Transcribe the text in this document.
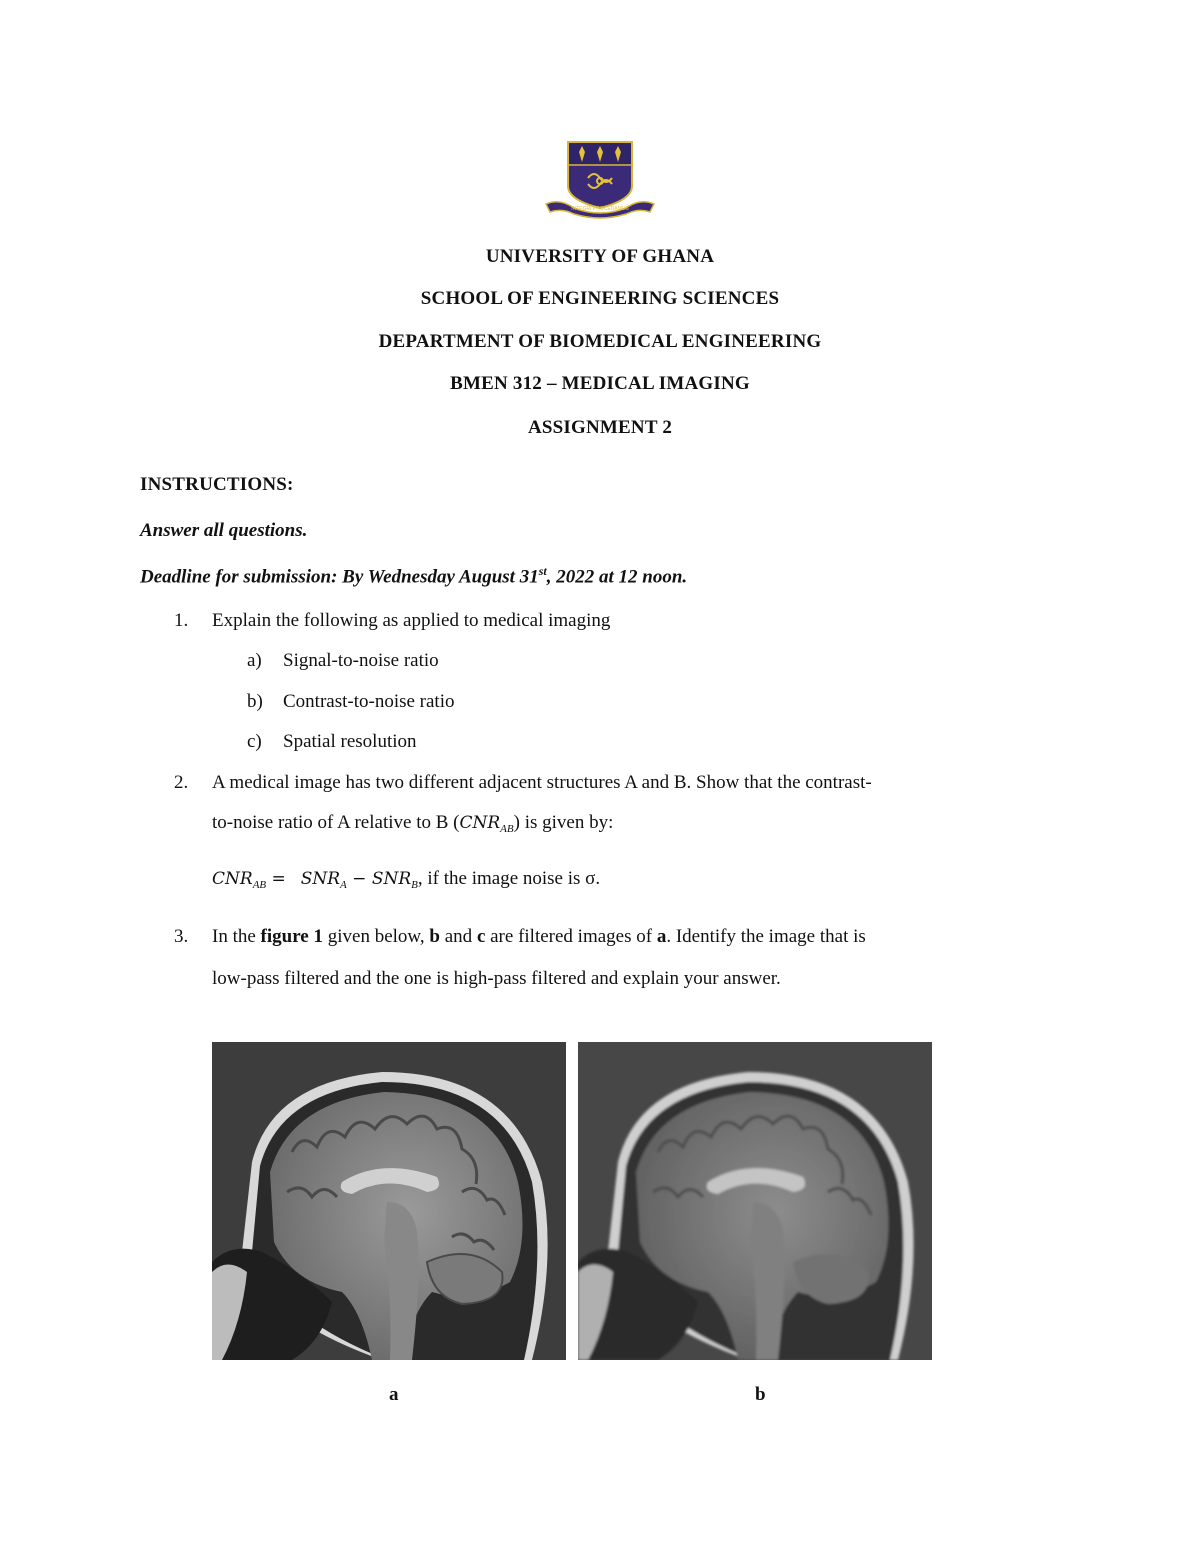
INTEGRI PROCEDAMUS
UNIVERSITY OF GHANA
SCHOOL OF ENGINEERING SCIENCES
DEPARTMENT OF BIOMEDICAL ENGINEERING
BMEN 312 – MEDICAL IMAGING
ASSIGNMENT 2
INSTRUCTIONS:
Answer all questions.
Deadline for submission: By Wednesday August 31st, 2022 at 12 noon.
1. Explain the following as applied to medical imaging
a) Signal-to-noise ratio
b) Contrast-to-noise ratio
c) Spatial resolution
2. A medical image has two different adjacent structures A and B. Show that the contrast-
to-noise ratio of A relative to B $(CNR_{AB})$ is given by:
$CNR_{AB} = SNR_A - SNR_B$, if the image noise is σ.
3. In the figure 1 given below, b and c are filtered images of a. Identify the image that is
low-pass filtered and the one is high-pass filtered and explain your answer.
a	b
